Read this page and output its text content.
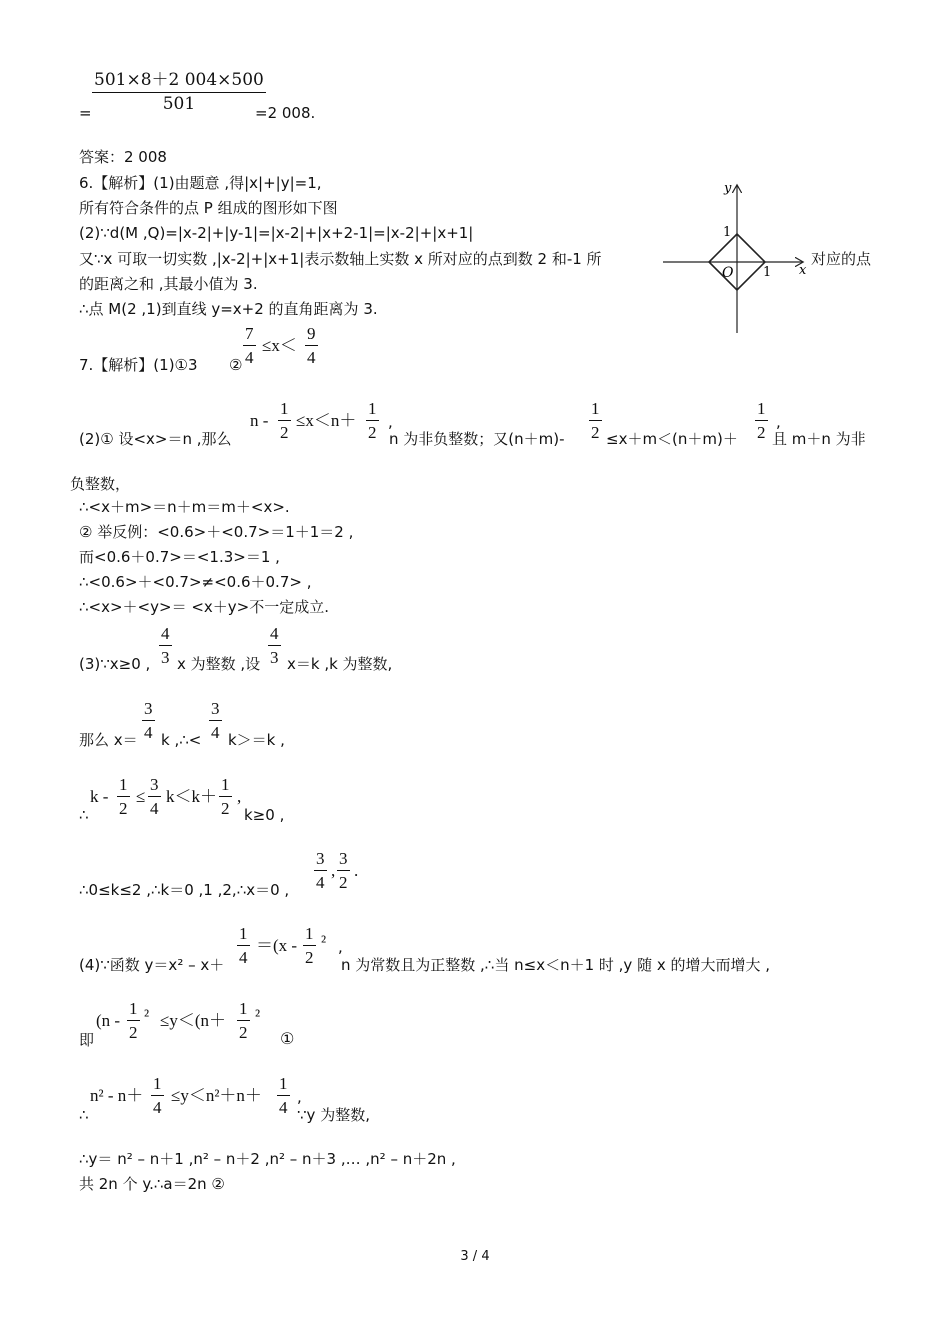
=
501×8＋2 004×500
501	=2 008.
答案：2 008
6.【解析】(1)由题意 ,得|x|+|y|=1,
所有符合条件的点 P 组成的图形如下图
(2)∵d(M ,Q)=|x-2|+|y-1|=|x-2|+|x+2-1|=|x-2|+|x+1|
又∵x 可取一切实数 ,|x-2|+|x+1|表示数轴上实数 x 所对应的点到数 2 和-1 所	对应的点
的距离之和 ,其最小值为 3.
∴点 M(2 ,1)到直线 y=x+2 的直角距离为 3.
y
x
O
1
1
7.【解析】(1)①3 ②
7
4
≤x＜
9
4
n -
1
2
≤x＜n＋
1
2
,
1
2
1
2
,
(2)① 设<x>＝n ,那么	n 为非负整数；又(n＋m)-	≤x＋m＜(n＋m)＋ 且 m＋n 为非
负整数，
∴<x＋m>＝n＋m＝m＋<x>.
② 举反例：<0.6>＋<0.7>＝1＋1＝2 ,
而<0.6＋0.7>＝<1.3>＝1 ,
∴<0.6>＋<0.7>≠<0.6＋0.7> ,
∴<x>＋<y>＝ <x＋y>不一定成立.
(3)∵x≥0 ,
4
3 x 为整数 ,设
4
3 x＝k ,k 为整数,
那么 x＝
3
4 k ,∴<
3
4 k＞＝k ,
k -
1
2
≤
3
4
k＜k＋
1
2
,
∴	k≥0 ,
∴0≤k≤2 ,∴k＝0 ,1 ,2,∴x＝0 ,
3
4
,
3
2
.
1
4
＝(x -
1
2
² ,
(4)∵函数 y＝x² – x＋	n 为常数且为正整数 ,∴当 n≤x＜n＋1 时 ,y 随 x 的增大而增大 ,
(n -
1
2
² ≤y＜(n＋
1
2
²
即	①
n² - n＋
1
4
≤y＜n²＋n＋
1
4
,
∴	∵y 为整数,
∴y＝ n² – n＋1 ,n² – n＋2 ,n² – n＋3 ,… ,n² – n＋2n ,
共 2n 个 y.∴a＝2n ②
3 / 4
